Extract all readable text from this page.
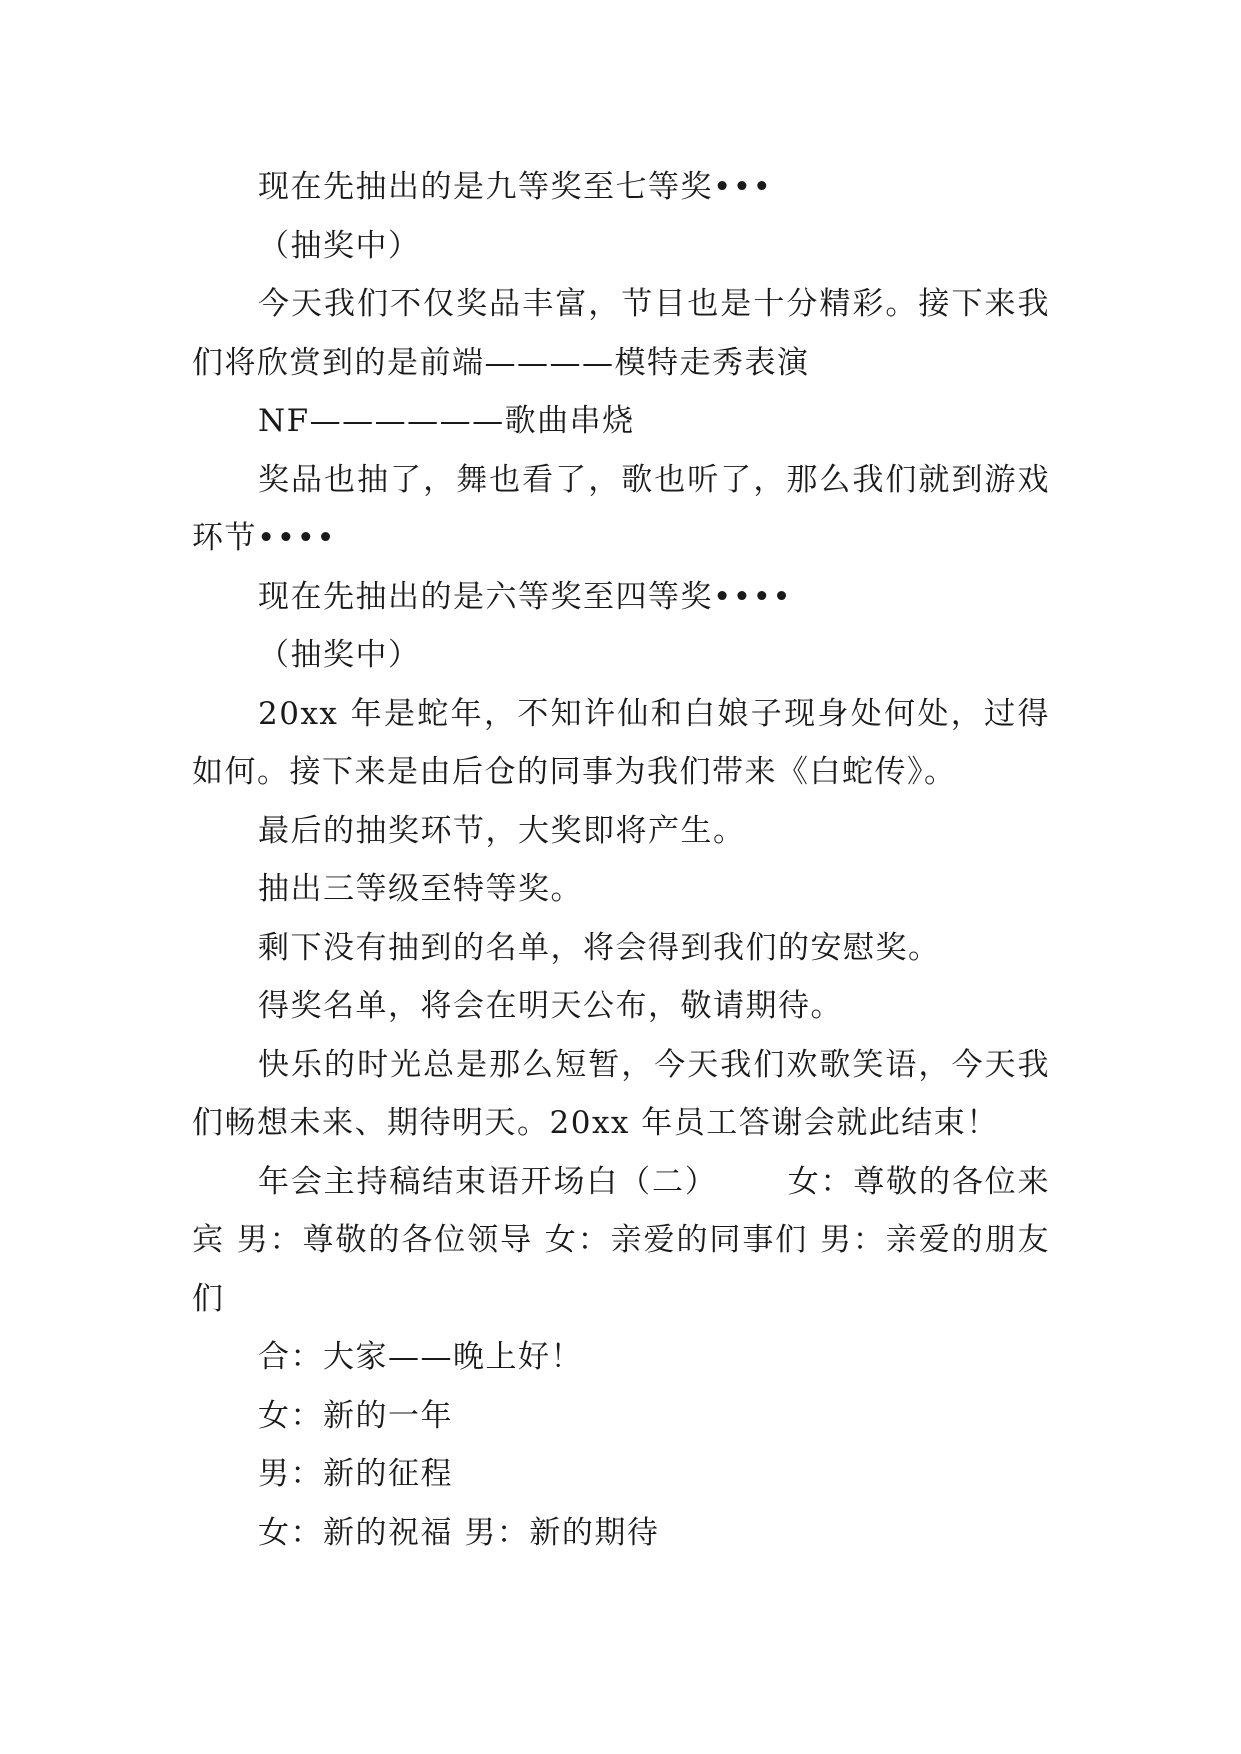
现在先抽出的是九等奖至七等奖•••

（抽奖中）

今天我们不仅奖品丰富，节目也是十分精彩。接下来我们将欣赏到的是前端————模特走秀表演

NF——————歌曲串烧

奖品也抽了，舞也看了，歌也听了，那么我们就到游戏环节••••

现在先抽出的是六等奖至四等奖••••

（抽奖中）

20xx 年是蛇年，不知许仙和白娘子现身处何处，过得如何。接下来是由后仓的同事为我们带来《白蛇传》。

最后的抽奖环节，大奖即将产生。

抽出三等级至特等奖。

剩下没有抽到的名单，将会得到我们的安慰奖。

得奖名单，将会在明天公布，敬请期待。

快乐的时光总是那么短暂，今天我们欢歌笑语，今天我们畅想未来、期待明天。20xx 年员工答谢会就此结束！

年会主持稿结束语开场白（二）      女：尊敬的各位来宾 男：尊敬的各位领导 女：亲爱的同事们 男：亲爱的朋友们

合：大家——晚上好！

女：新的一年

男：新的征程

女：新的祝福 男：新的期待
